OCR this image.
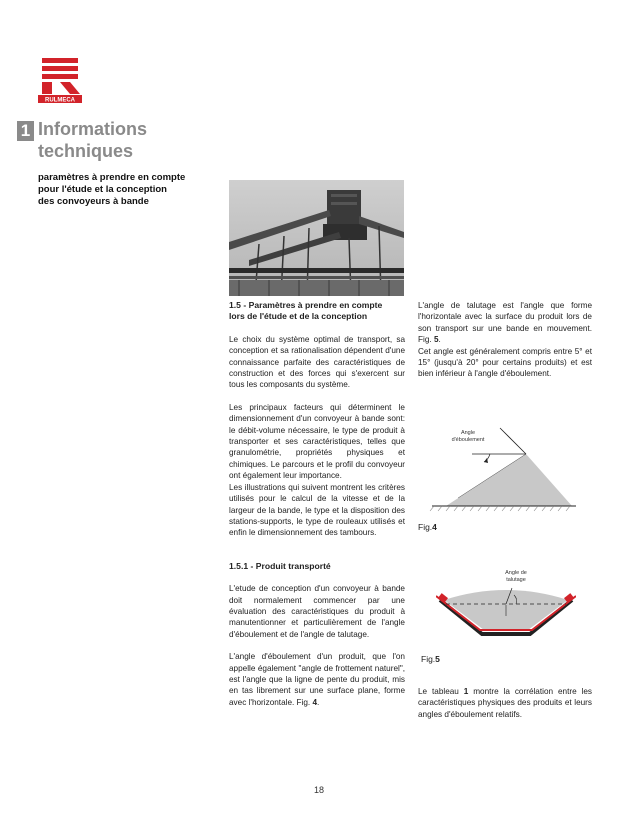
RULMECA
1 Informations
techniques
paramètres à prendre en compte
pour l'étude et la conception
des convoyeurs à bande

1.5 - Paramètres à prendre en compte
lors de l'étude et de la conception

Le choix du système optimal de transport, sa conception et sa rationalisation dépendent d'une connaissance parfaite des caractéristiques de construction et des forces qui s'exercent sur tous les composants du système.

Les principaux facteurs qui déterminent le dimensionnement d'un convoyeur à bande sont: le débit-volume nécessaire, le type de produit à transporter et ses caractéristiques, telles que granulométrie, propriétés physiques et chimiques. Le parcours et le profil du convoyeur ont également leur importance.

Les illustrations qui suivent montrent les critères utilisés pour le calcul de la vitesse et de la largeur de la bande, le type et la disposition des stations-supports, le type de rouleaux utilisés et enfin le dimensionnement des tambours.

1.5.1 - Produit transporté

L'etude de conception d'un convoyeur à bande doit normalement commencer par une évaluation des caractéristiques du produit à manutentionner et particulièrement de l'angle d'éboulement et de l'angle de talutage.

L'angle d'éboulement d'un produit, que l'on appelle également "angle de frottement naturel", est l'angle que la ligne de pente du produit, mis en tas librement sur une surface plane, forme avec l'horizontale. Fig. 4.

L'angle de talutage est l'angle que forme l'horizontale avec la surface du produit lors de son transport sur une bande en mouvement. Fig. 5.

Cet angle est généralement compris entre 5° et 15° (jusqu'à 20° pour certains produits) et est bien inférieur à l'angle d'éboulement.

Angle
d'éboulement
Fig.4
Angle de
talutage
Fig.5

Le tableau 1 montre la corrélation entre les caractéristiques physiques des produits et leurs angles d'éboulement relatifs.

18
